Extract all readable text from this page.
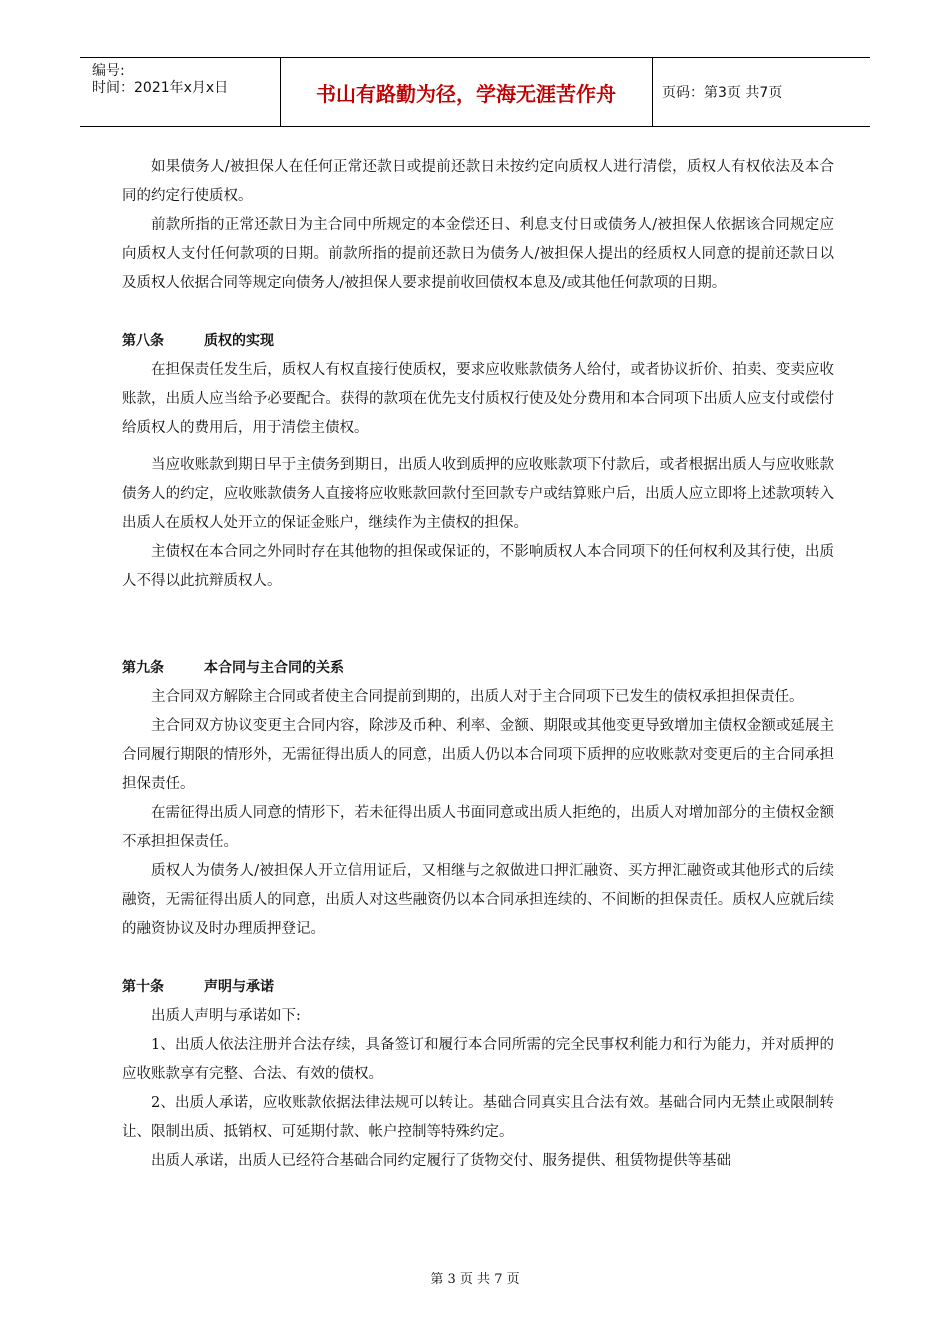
编号:
时间：2021年x月x日	书山有路勤为径，学海无涯苦作舟	页码：第3页 共7页

如果债务人/被担保人在任何正常还款日或提前还款日未按约定向质权人进行清偿，质权人有权依法及本合同的约定行使质权。

前款所指的正常还款日为主合同中所规定的本金偿还日、利息支付日或债务人/被担保人依据该合同规定应向质权人支付任何款项的日期。前款所指的提前还款日为债务人/被担保人提出的经质权人同意的提前还款日以及质权人依据合同等规定向债务人/被担保人要求提前收回债权本息及/或其他任何款项的日期。

第八条	质权的实现

在担保责任发生后，质权人有权直接行使质权，要求应收账款债务人给付，或者协议折价、拍卖、变卖应收账款，出质人应当给予必要配合。获得的款项在优先支付质权行使及处分费用和本合同项下出质人应支付或偿付给质权人的费用后，用于清偿主债权。

当应收账款到期日早于主债务到期日，出质人收到质押的应收账款项下付款后，或者根据出质人与应收账款债务人的约定，应收账款债务人直接将应收账款回款付至回款专户或结算账户后，出质人应立即将上述款项转入出质人在质权人处开立的保证金账户，继续作为主债权的担保。

主债权在本合同之外同时存在其他物的担保或保证的，不影响质权人本合同项下的任何权利及其行使，出质人不得以此抗辩质权人。

第九条	本合同与主合同的关系

主合同双方解除主合同或者使主合同提前到期的，出质人对于主合同项下已发生的债权承担担保责任。

主合同双方协议变更主合同内容，除涉及币种、利率、金额、期限或其他变更导致增加主债权金额或延展主合同履行期限的情形外，无需征得出质人的同意，出质人仍以本合同项下质押的应收账款对变更后的主合同承担担保责任。

在需征得出质人同意的情形下，若未征得出质人书面同意或出质人拒绝的，出质人对增加部分的主债权金额不承担担保责任。

质权人为债务人/被担保人开立信用证后，又相继与之叙做进口押汇融资、买方押汇融资或其他形式的后续融资，无需征得出质人的同意，出质人对这些融资仍以本合同承担连续的、不间断的担保责任。质权人应就后续的融资协议及时办理质押登记。

第十条	声明与承诺

出质人声明与承诺如下:

1、出质人依法注册并合法存续，具备签订和履行本合同所需的完全民事权利能力和行为能力，并对质押的应收账款享有完整、合法、有效的债权。

2、出质人承诺，应收账款依据法律法规可以转让。基础合同真实且合法有效。基础合同内无禁止或限制转让、限制出质、抵销权、可延期付款、帐户控制等特殊约定。

出质人承诺，出质人已经符合基础合同约定履行了货物交付、服务提供、租赁物提供等基础

第 3 页 共 7 页
